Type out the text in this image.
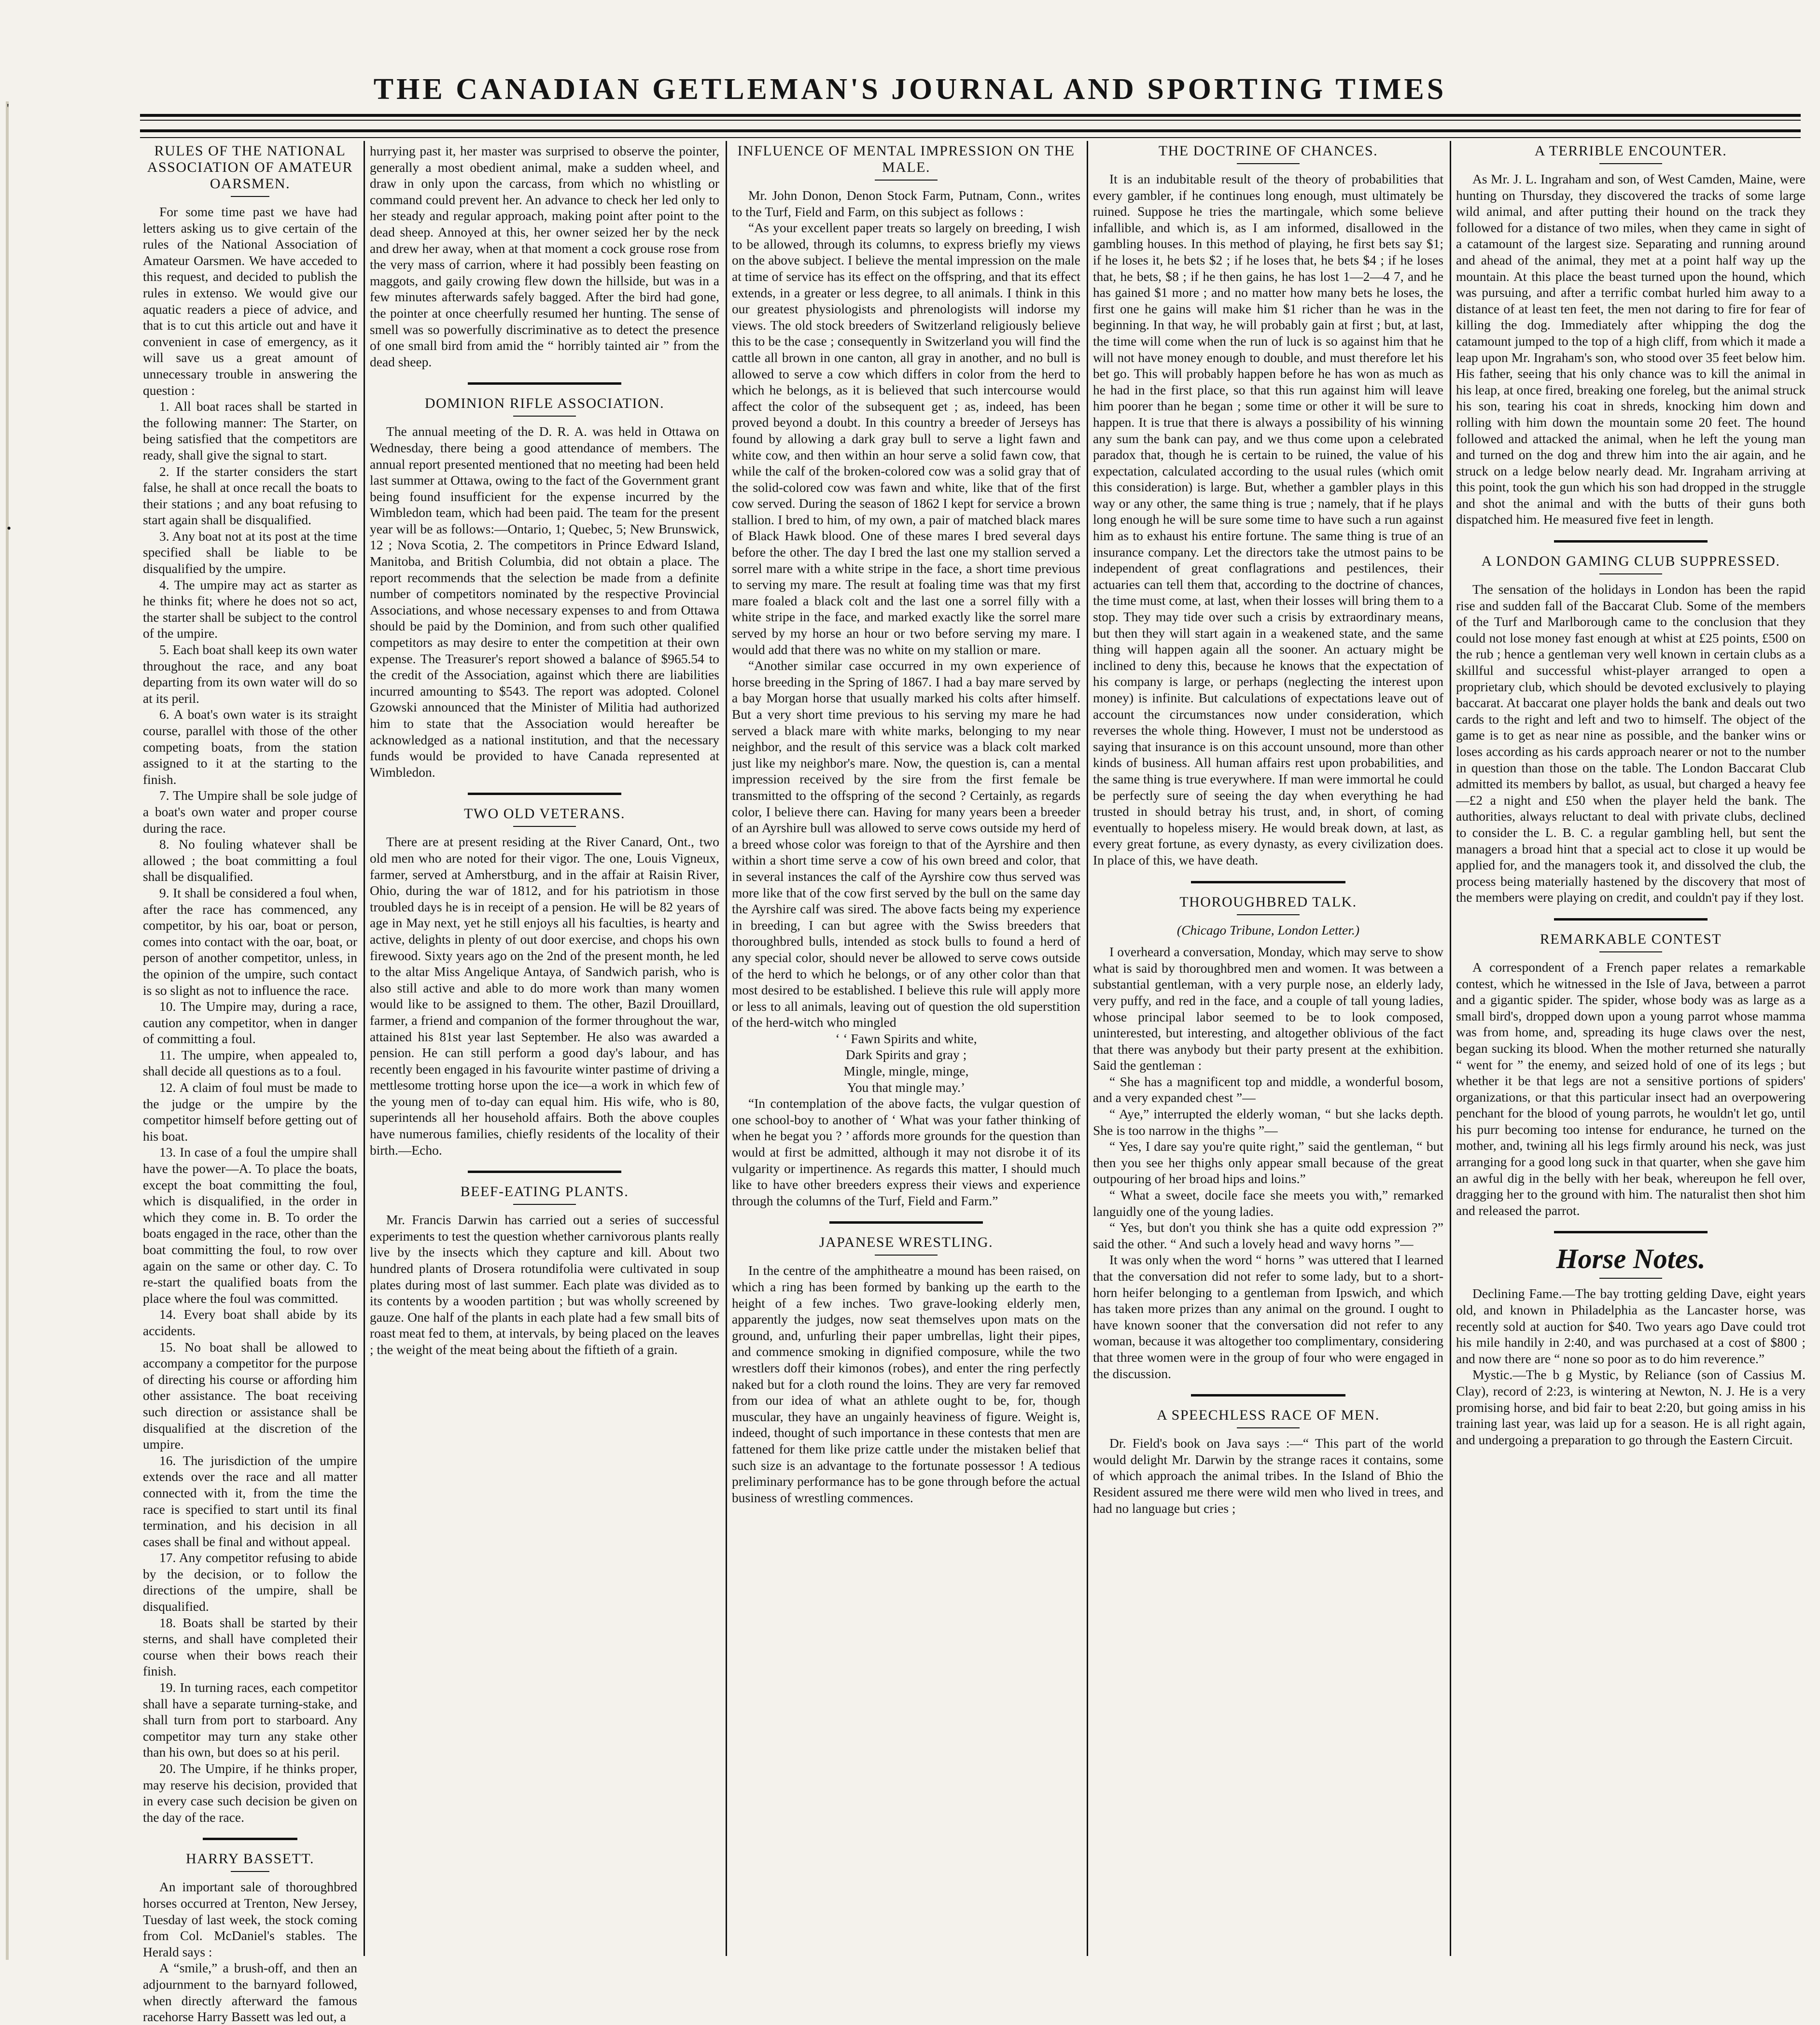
'
•
THE CANADIAN GETLEMAN'S JOURNAL AND SPORTING TIMES
RULES OF THE NATIONAL ASSOCIATION OF AMATEUR OARSMEN.

For some time past we have had letters asking us to give certain of the rules of the National Association of Amateur Oarsmen. We have acceded to this request, and decided to publish the rules in extenso. We would give our aquatic readers a piece of advice, and that is to cut this article out and have it convenient in case of emergency, as it will save us a great amount of unnecessary trouble in answering the question :

1. All boat races shall be started in the following manner: The Starter, on being satisfied that the competitors are ready, shall give the signal to start.

2. If the starter considers the start false, he shall at once recall the boats to their stations ; and any boat refusing to start again shall be disqualified.

3. Any boat not at its post at the time specified shall be liable to be disqualified by the umpire.

4. The umpire may act as starter as he thinks fit; where he does not so act, the starter shall be subject to the control of the umpire.

5. Each boat shall keep its own water throughout the race, and any boat departing from its own water will do so at its peril.

6. A boat's own water is its straight course, parallel with those of the other competing boats, from the station assigned to it at the starting to the finish.

7. The Umpire shall be sole judge of a boat's own water and proper course during the race.

8. No fouling whatever shall be allowed ; the boat committing a foul shall be disqualified.

9. It shall be considered a foul when, after the race has commenced, any competitor, by his oar, boat or person, comes into contact with the oar, boat, or person of another competitor, unless, in the opinion of the umpire, such contact is so slight as not to influence the race.

10. The Umpire may, during a race, caution any competitor, when in danger of committing a foul.

11. The umpire, when appealed to, shall decide all questions as to a foul.

12. A claim of foul must be made to the judge or the umpire by the competitor himself before getting out of his boat.

13. In case of a foul the umpire shall have the power—A. To place the boats, except the boat committing the foul, which is disqualified, in the order in which they come in. B. To order the boats engaged in the race, other than the boat committing the foul, to row over again on the same or other day. C. To re-start the qualified boats from the place where the foul was committed.

14. Every boat shall abide by its accidents.

15. No boat shall be allowed to accompany a competitor for the purpose of directing his course or affording him other assistance. The boat receiving such direction or assistance shall be disqualified at the discretion of the umpire.

16. The jurisdiction of the umpire extends over the race and all matter connected with it, from the time the race is specified to start until its final termination, and his decision in all cases shall be final and without appeal.

17. Any competitor refusing to abide by the decision, or to follow the directions of the umpire, shall be disqualified.

18. Boats shall be started by their sterns, and shall have completed their course when their bows reach their finish.

19. In turning races, each competitor shall have a separate turning-stake, and shall turn from port to starboard. Any competitor may turn any stake other than his own, but does so at his peril.

20. The Umpire, if he thinks proper, may reserve his decision, provided that in every case such decision be given on the day of the race.

HARRY BASSETT.

An important sale of thoroughbred horses occurred at Trenton, New Jersey, Tuesday of last week, the stock coming from Col. McDaniel's stables. The Herald says :

A “smile,” a brush-off, and then an adjournment to the barnyard followed, when directly afterward the famous racehorse Harry Bassett was led out, a

hurrying past it, her master was surprised to observe the pointer, generally a most obedient animal, make a sudden wheel, and draw in only upon the carcass, from which no whistling or command could prevent her. An advance to check her led only to her steady and regular approach, making point after point to the dead sheep. Annoyed at this, her owner seized her by the neck and drew her away, when at that moment a cock grouse rose from the very mass of carrion, where it had possibly been feasting on maggots, and gaily crowing flew down the hillside, but was in a few minutes afterwards safely bagged. After the bird had gone, the pointer at once cheerfully resumed her hunting. The sense of smell was so powerfully discriminative as to detect the presence of one small bird from amid the “ horribly tainted air ” from the dead sheep.

DOMINION RIFLE ASSOCIATION.

The annual meeting of the D. R. A. was held in Ottawa on Wednesday, there being a good attendance of members. The annual report presented mentioned that no meeting had been held last summer at Ottawa, owing to the fact of the Government grant being found insufficient for the expense incurred by the Wimbledon team, which had been paid. The team for the present year will be as follows:—Ontario, 1; Quebec, 5; New Brunswick, 12 ; Nova Scotia, 2. The competitors in Prince Edward Island, Manitoba, and British Columbia, did not obtain a place. The report recommends that the selection be made from a definite number of competitors nominated by the respective Provincial Associations, and whose necessary expenses to and from Ottawa should be paid by the Dominion, and from such other qualified competitors as may desire to enter the competition at their own expense. The Treasurer's report showed a balance of $965.54 to the credit of the Association, against which there are liabilities incurred amounting to $543. The report was adopted. Colonel Gzowski announced that the Minister of Militia had authorized him to state that the Association would hereafter be acknowledged as a national institution, and that the necessary funds would be provided to have Canada represented at Wimbledon.

TWO OLD VETERANS.

There are at present residing at the River Canard, Ont., two old men who are noted for their vigor. The one, Louis Vigneux, farmer, served at Amherstburg, and in the affair at Raisin River, Ohio, during the war of 1812, and for his patriotism in those troubled days he is in receipt of a pension. He will be 82 years of age in May next, yet he still enjoys all his faculties, is hearty and active, delights in plenty of out door exercise, and chops his own firewood. Sixty years ago on the 2nd of the present month, he led to the altar Miss Angelique Antaya, of Sandwich parish, who is also still active and able to do more work than many women would like to be assigned to them. The other, Bazil Drouillard, farmer, a friend and companion of the former throughout the war, attained his 81st year last September. He also was awarded a pension. He can still perform a good day's labour, and has recently been engaged in his favourite winter pastime of driving a mettlesome trotting horse upon the ice—a work in which few of the young men of to-day can equal him. His wife, who is 80, superintends all her household affairs. Both the above couples have numerous families, chiefly residents of the locality of their birth.—Echo.

BEEF-EATING PLANTS.

Mr. Francis Darwin has carried out a series of successful experiments to test the question whether carnivorous plants really live by the insects which they capture and kill. About two hundred plants of Drosera rotundifolia were cultivated in soup plates during most of last summer. Each plate was divided as to its contents by a wooden partition ; but was wholly screened by gauze. One half of the plants in each plate had a few small bits of roast meat fed to them, at intervals, by being placed on the leaves ; the weight of the meat being about the fiftieth of a grain.

INFLUENCE OF MENTAL IMPRESSION ON THE MALE.

Mr. John Donon, Denon Stock Farm, Putnam, Conn., writes to the Turf, Field and Farm, on this subject as follows :

“As your excellent paper treats so largely on breeding, I wish to be allowed, through its columns, to express briefly my views on the above subject. I believe the mental impression on the male at time of service has its effect on the offspring, and that its effect extends, in a greater or less degree, to all animals. I think in this our greatest physiologists and phrenologists will indorse my views. The old stock breeders of Switzerland religiously believe this to be the case ; consequently in Switzerland you will find the cattle all brown in one canton, all gray in another, and no bull is allowed to serve a cow which differs in color from the herd to which he belongs, as it is believed that such intercourse would affect the color of the subsequent get ; as, indeed, has been proved beyond a doubt. In this country a breeder of Jerseys has found by allowing a dark gray bull to serve a light fawn and white cow, and then within an hour serve a solid fawn cow, that while the calf of the broken-colored cow was a solid gray that of the solid-colored cow was fawn and white, like that of the first cow served. During the season of 1862 I kept for service a brown stallion. I bred to him, of my own, a pair of matched black mares of Black Hawk blood. One of these mares I bred several days before the other. The day I bred the last one my stallion served a sorrel mare with a white stripe in the face, a short time previous to serving my mare. The result at foaling time was that my first mare foaled a black colt and the last one a sorrel filly with a white stripe in the face, and marked exactly like the sorrel mare served by my horse an hour or two before serving my mare. I would add that there was no white on my stallion or mare.

“Another similar case occurred in my own experience of horse breeding in the Spring of 1867. I had a bay mare served by a bay Morgan horse that usually marked his colts after himself. But a very short time previous to his serving my mare he had served a black mare with white marks, belonging to my near neighbor, and the result of this service was a black colt marked just like my neighbor's mare. Now, the question is, can a mental impression received by the sire from the first female be transmitted to the offspring of the second ? Certainly, as regards color, I believe there can. Having for many years been a breeder of an Ayrshire bull was allowed to serve cows outside my herd of a breed whose color was foreign to that of the Ayrshire and then within a short time serve a cow of his own breed and color, that in several instances the calf of the Ayrshire cow thus served was more like that of the cow first served by the bull on the same day the Ayrshire calf was sired. The above facts being my experience in breeding, I can but agree with the Swiss breeders that thoroughbred bulls, intended as stock bulls to found a herd of any special color, should never be allowed to serve cows outside of the herd to which he belongs, or of any other color than that most desired to be established. I believe this rule will apply more or less to all animals, leaving out of question the old superstition of the herd-witch who mingled

‘ ‘ Fawn Spirits and white,

Dark Spirits and gray ;

Mingle, mingle, minge,

You that mingle may.’

“In contemplation of the above facts, the vulgar question of one school-boy to another of ‘ What was your father thinking of when he begat you ? ’ affords more grounds for the question than would at first be admitted, although it may not disrobe it of its vulgarity or impertinence. As regards this matter, I should much like to have other breeders express their views and experience through the columns of the Turf, Field and Farm.”

JAPANESE WRESTLING.

In the centre of the amphitheatre a mound has been raised, on which a ring has been formed by banking up the earth to the height of a few inches. Two grave-looking elderly men, apparently the judges, now seat themselves upon mats on the ground, and, unfurling their paper umbrellas, light their pipes, and commence smoking in dignified composure, while the two wrestlers doff their kimonos (robes), and enter the ring perfectly naked but for a cloth round the loins. They are very far removed from our idea of what an athlete ought to be, for, though muscular, they have an ungainly heaviness of figure. Weight is, indeed, thought of such importance in these contests that men are fattened for them like prize cattle under the mistaken belief that such size is an advantage to the fortunate possessor ! A tedious preliminary performance has to be gone through before the actual business of wrestling commences.

THE DOCTRINE OF CHANCES.

It is an indubitable result of the theory of probabilities that every gambler, if he continues long enough, must ultimately be ruined. Suppose he tries the martingale, which some believe infallible, and which is, as I am informed, disallowed in the gambling houses. In this method of playing, he first bets say $1; if he loses it, he bets $2 ; if he loses that, he bets $4 ; if he loses that, he bets, $8 ; if he then gains, he has lost 1—2—4 7, and he has gained $1 more ; and no matter how many bets he loses, the first one he gains will make him $1 richer than he was in the beginning. In that way, he will probably gain at first ; but, at last, the time will come when the run of luck is so against him that he will not have money enough to double, and must therefore let his bet go. This will probably happen before he has won as much as he had in the first place, so that this run against him will leave him poorer than he began ; some time or other it will be sure to happen. It is true that there is always a possibility of his winning any sum the bank can pay, and we thus come upon a celebrated paradox that, though he is certain to be ruined, the value of his expectation, calculated according to the usual rules (which omit this consideration) is large. But, whether a gambler plays in this way or any other, the same thing is true ; namely, that if he plays long enough he will be sure some time to have such a run against him as to exhaust his entire fortune. The same thing is true of an insurance company. Let the directors take the utmost pains to be independent of great conflagrations and pestilences, their actuaries can tell them that, according to the doctrine of chances, the time must come, at last, when their losses will bring them to a stop. They may tide over such a crisis by extraordinary means, but then they will start again in a weakened state, and the same thing will happen again all the sooner. An actuary might be inclined to deny this, because he knows that the expectation of his company is large, or perhaps (neglecting the interest upon money) is infinite. But calculations of expectations leave out of account the circumstances now under consideration, which reverses the whole thing. However, I must not be understood as saying that insurance is on this account unsound, more than other kinds of business. All human affairs rest upon probabilities, and the same thing is true everywhere. If man were immortal he could be perfectly sure of seeing the day when everything he had trusted in should betray his trust, and, in short, of coming eventually to hopeless misery. He would break down, at last, as every great fortune, as every dynasty, as every civilization does. In place of this, we have death.

THOROUGHBRED TALK.

(Chicago Tribune, London Letter.)

I overheard a conversation, Monday, which may serve to show what is said by thoroughbred men and women. It was between a substantial gentleman, with a very purple nose, an elderly lady, very puffy, and red in the face, and a couple of tall young ladies, whose principal labor seemed to be to look composed, uninterested, but interesting, and altogether oblivious of the fact that there was anybody but their party present at the exhibition. Said the gentleman :

“ She has a magnificent top and middle, a wonderful bosom, and a very expanded chest ”—

“ Aye,” interrupted the elderly woman, “ but she lacks depth. She is too narrow in the thighs ”—

“ Yes, I dare say you're quite right,” said the gentleman, “ but then you see her thighs only appear small because of the great outpouring of her broad hips and loins.”

“ What a sweet, docile face she meets you with,” remarked languidly one of the young ladies.

“ Yes, but don't you think she has a quite odd expression ?” said the other. “ And such a lovely head and wavy horns ”—

It was only when the word “ horns ” was uttered that I learned that the conversation did not refer to some lady, but to a short-horn heifer belonging to a gentleman from Ipswich, and which has taken more prizes than any animal on the ground. I ought to have known sooner that the conversation did not refer to any woman, because it was altogether too complimentary, considering that three women were in the group of four who were engaged in the discussion.

A SPEECHLESS RACE OF MEN.

Dr. Field's book on Java says :—“ This part of the world would delight Mr. Darwin by the strange races it contains, some of which approach the animal tribes. In the Island of Bhio the Resident assured me there were wild men who lived in trees, and had no language but cries ;

A TERRIBLE ENCOUNTER.

As Mr. J. L. Ingraham and son, of West Camden, Maine, were hunting on Thursday, they discovered the tracks of some large wild animal, and after putting their hound on the track they followed for a distance of two miles, when they came in sight of a catamount of the largest size. Separating and running around and ahead of the animal, they met at a point half way up the mountain. At this place the beast turned upon the hound, which was pursuing, and after a terrific combat hurled him away to a distance of at least ten feet, the men not daring to fire for fear of killing the dog. Immediately after whipping the dog the catamount jumped to the top of a high cliff, from which it made a leap upon Mr. Ingraham's son, who stood over 35 feet below him. His father, seeing that his only chance was to kill the animal in his leap, at once fired, breaking one foreleg, but the animal struck his son, tearing his coat in shreds, knocking him down and rolling with him down the mountain some 20 feet. The hound followed and attacked the animal, when he left the young man and turned on the dog and threw him into the air again, and he struck on a ledge below nearly dead. Mr. Ingraham arriving at this point, took the gun which his son had dropped in the struggle and shot the animal and with the butts of their guns both dispatched him. He measured five feet in length.

A LONDON GAMING CLUB SUPPRESSED.

The sensation of the holidays in London has been the rapid rise and sudden fall of the Baccarat Club. Some of the members of the Turf and Marlborough came to the conclusion that they could not lose money fast enough at whist at £25 points, £500 on the rub ; hence a gentleman very well known in certain clubs as a skillful and successful whist-player arranged to open a proprietary club, which should be devoted exclusively to playing baccarat. At baccarat one player holds the bank and deals out two cards to the right and left and two to himself. The object of the game is to get as near nine as possible, and the banker wins or loses according as his cards approach nearer or not to the number in question than those on the table. The London Baccarat Club admitted its members by ballot, as usual, but charged a heavy fee—£2 a night and £50 when the player held the bank. The authorities, always reluctant to deal with private clubs, declined to consider the L. B. C. a regular gambling hell, but sent the managers a broad hint that a special act to close it up would be applied for, and the managers took it, and dissolved the club, the process being materially hastened by the discovery that most of the members were playing on credit, and couldn't pay if they lost.

REMARKABLE CONTEST

A correspondent of a French paper relates a remarkable contest, which he witnessed in the Isle of Java, between a parrot and a gigantic spider. The spider, whose body was as large as a small bird's, dropped down upon a young parrot whose mamma was from home, and, spreading its huge claws over the nest, began sucking its blood. When the mother returned she naturally “ went for ” the enemy, and seized hold of one of its legs ; but whether it be that legs are not a sensitive portions of spiders' organizations, or that this particular insect had an overpowering penchant for the blood of young parrots, he wouldn't let go, until his purr becoming too intense for endurance, he turned on the mother, and, twining all his legs firmly around his neck, was just arranging for a good long suck in that quarter, when she gave him an awful dig in the belly with her beak, whereupon he fell over, dragging her to the ground with him. The naturalist then shot him and released the parrot.

Horse Notes.

Declining Fame.—The bay trotting gelding Dave, eight years old, and known in Philadelphia as the Lancaster horse, was recently sold at auction for $40. Two years ago Dave could trot his mile handily in 2:40, and was purchased at a cost of $800 ; and now there are “ none so poor as to do him reverence.”

Mystic.—The b g Mystic, by Reliance (son of Cassius M. Clay), record of 2:23, is wintering at Newton, N. J. He is a very promising horse, and bid fair to beat 2:20, but going amiss in his training last year, was laid up for a season. He is all right again, and undergoing a preparation to go through the Eastern Circuit.
